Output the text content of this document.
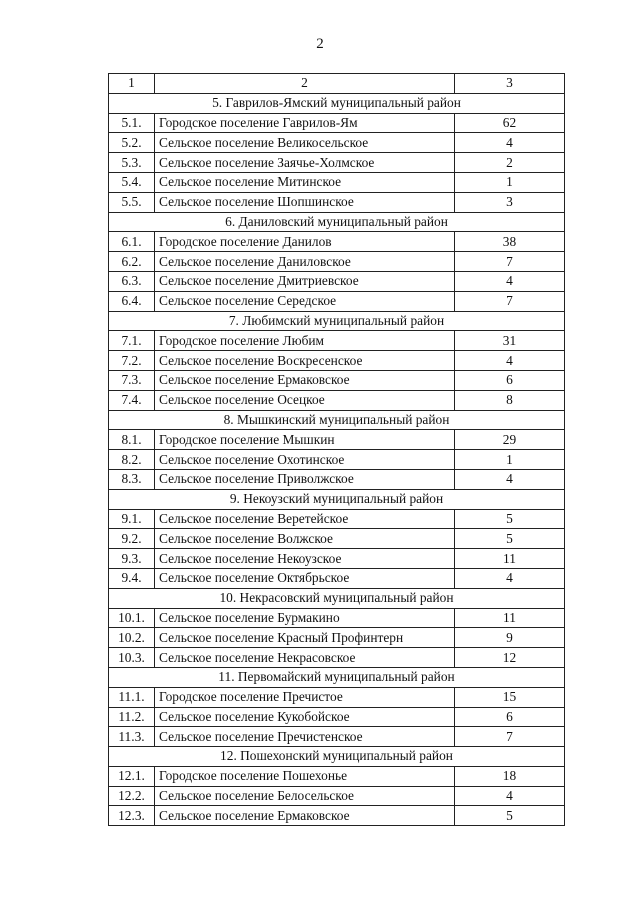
2
1	2	3
5. Гаврилов-Ямский муниципальный район		
5.1.	Городское поселение Гаврилов-Ям	62
5.2.	Сельское поселение Великосельское	4
5.3.	Сельское поселение Заячье-Холмское	2
5.4.	Сельское поселение Митинское	1
5.5.	Сельское поселение Шопшинское	3
6. Даниловский муниципальный район		
6.1.	Городское поселение Данилов	38
6.2.	Сельское поселение Даниловское	7
6.3.	Сельское поселение Дмитриевское	4
6.4.	Сельское поселение Середское	7
7. Любимский муниципальный район		
7.1.	Городское поселение Любим	31
7.2.	Сельское поселение Воскресенское	4
7.3.	Сельское поселение Ермаковское	6
7.4.	Сельское поселение Осецкое	8
8. Мышкинский муниципальный район		
8.1.	Городское поселение Мышкин	29
8.2.	Сельское поселение Охотинское	1
8.3.	Сельское поселение Приволжское	4
9. Некоузский муниципальный район		
9.1.	Сельское поселение Веретейское	5
9.2.	Сельское поселение Волжское	5
9.3.	Сельское поселение Некоузское	11
9.4.	Сельское поселение Октябрьское	4
10. Некрасовский муниципальный район		
10.1.	Сельское поселение Бурмакино	11
10.2.	Сельское поселение Красный Профинтерн	9
10.3.	Сельское поселение Некрасовское	12
11. Первомайский муниципальный район		
11.1.	Городское поселение Пречистое	15
11.2.	Сельское поселение Кукобойское	6
11.3.	Сельское поселение Пречистенское	7
12. Пошехонский муниципальный район		
12.1.	Городское поселение Пошехонье	18
12.2.	Сельское поселение Белосельское	4
12.3.	Сельское поселение Ермаковское	5
